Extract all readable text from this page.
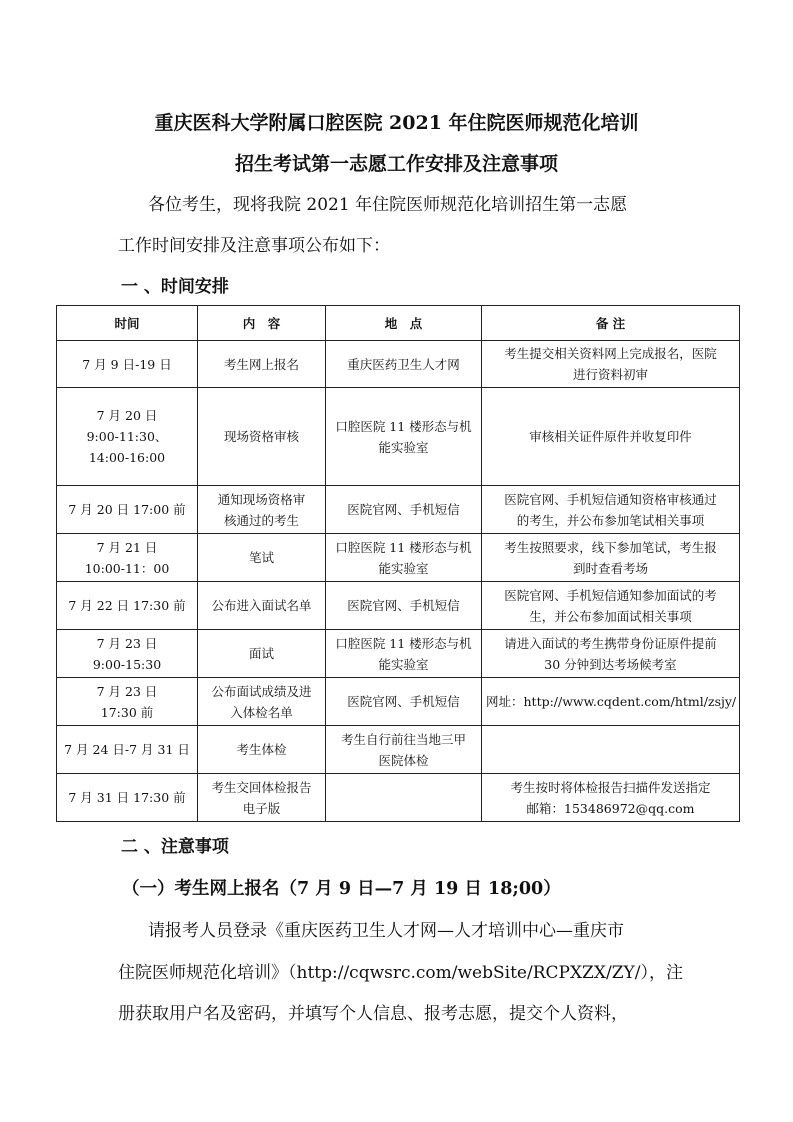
重庆医科大学附属口腔医院 2021 年住院医师规范化培训
招生考试第一志愿工作安排及注意事项
各位考生，现将我院 2021 年住院医师规范化培训招生第一志愿
工作时间安排及注意事项公布如下：
一 、时间安排
时间	内　容	地　点	备 注

7 月 9 日-19 日	考生网上报名	重庆医药卫生人才网	考生提交相关资料网上完成报名，医院
进行资料初审

7 月 20 日
9:00-11:30、
14:00-16:00	现场资格审核	口腔医院 11 楼形态与机
能实验室	审核相关证件原件并收复印件

7 月 20 日 17:00 前	通知现场资格审
核通过的考生	医院官网、手机短信	医院官网、手机短信通知资格审核通过
的考生，并公布参加笔试相关事项

7 月 21 日
10:00-11：00	笔试	口腔医院 11 楼形态与机
能实验室	考生按照要求，线下参加笔试，考生报
到时查看考场

7 月 22 日 17:30 前	公布进入面试名单	医院官网、手机短信	医院官网、手机短信通知参加面试的考
生，并公布参加面试相关事项

7 月 23 日
9:00-15:30	面试	口腔医院 11 楼形态与机
能实验室	请进入面试的考生携带身份证原件提前
30 分钟到达考场候考室

7 月 23 日
17:30 前	公布面试成绩及进
入体检名单	医院官网、手机短信	网址：http://www.cqdent.com/html/zsjy/

7 月 24 日-7 月 31 日	考生体检	考生自行前往当地三甲
医院体检	

7 月 31 日 17:30 前	考生交回体检报告
电子版		考生按时将体检报告扫描件发送指定
邮箱：153486972@qq.com
二 、注意事项
（一）考生网上报名（7 月 9 日—7 月 19 日 18;00）
请报考人员登录《重庆医药卫生人才网—人才培训中心—重庆市
住院医师规范化培训》（http://cqwsrc.com/webSite/RCPXZX/ZY/），注
册获取用户名及密码，并填写个人信息、报考志愿，提交个人资料，
